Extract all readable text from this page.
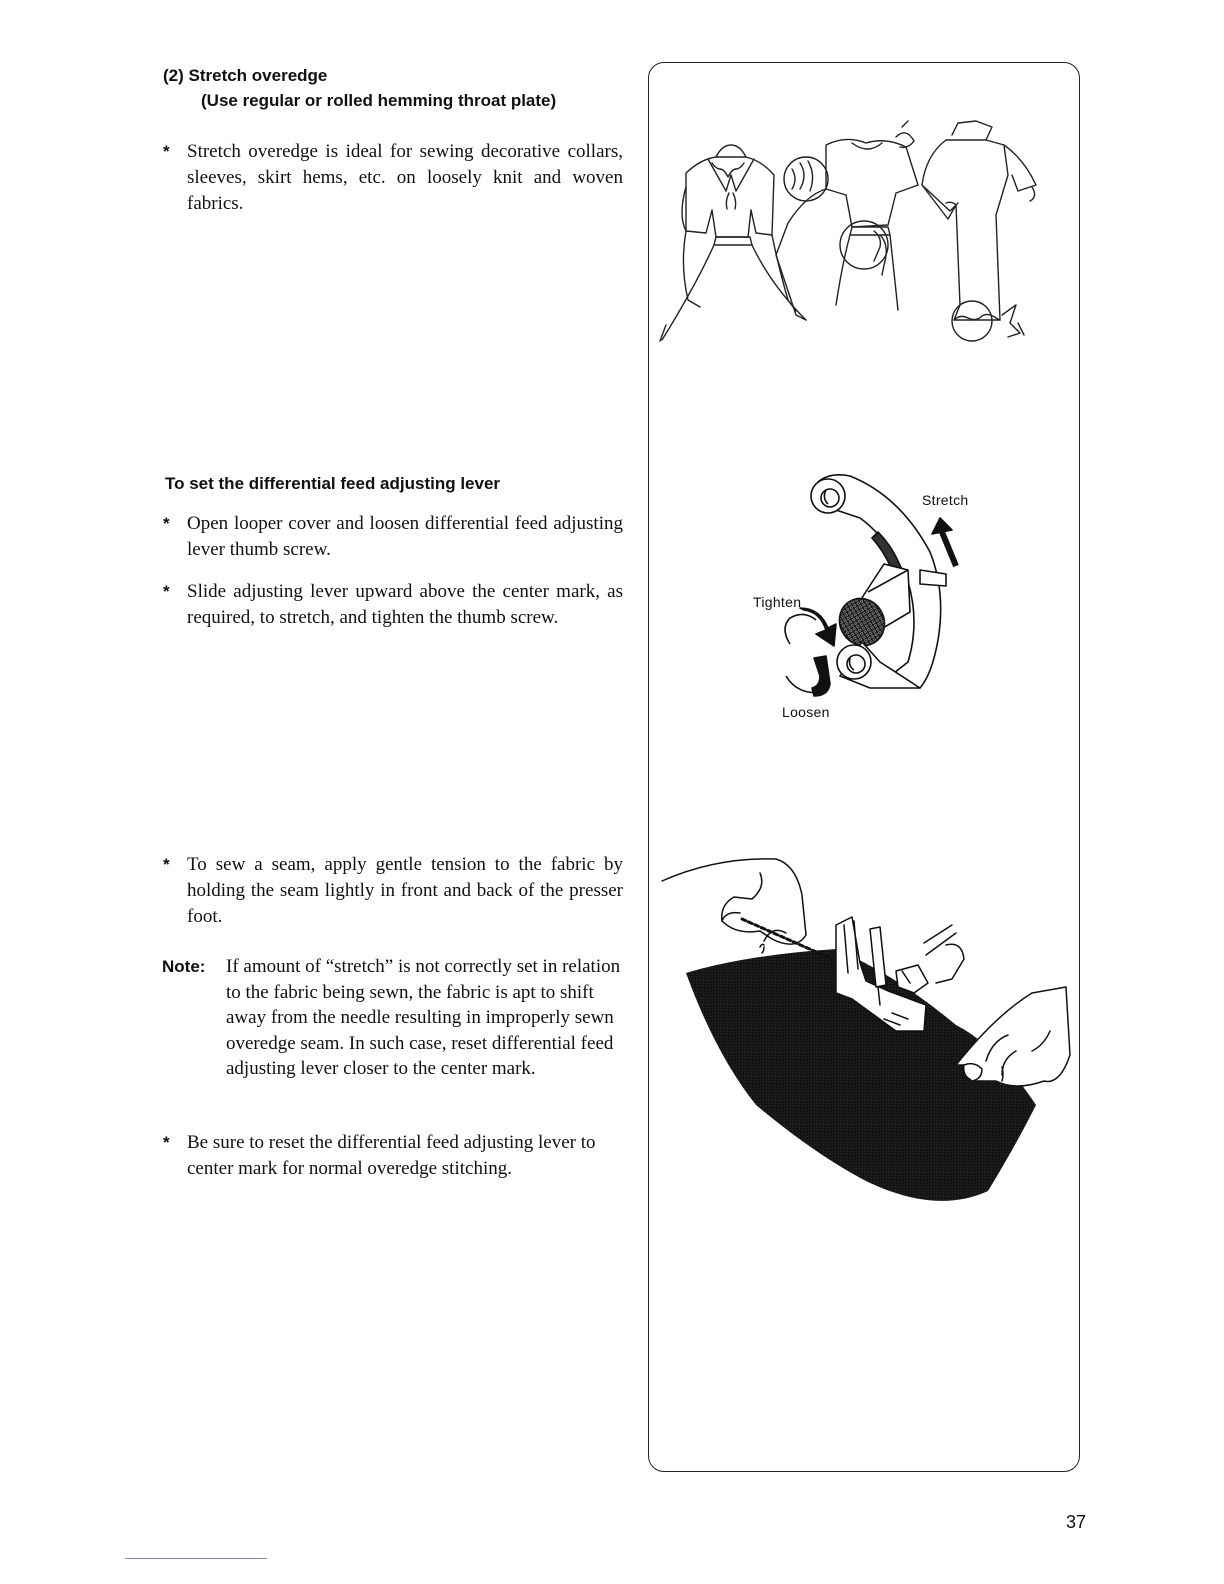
(2) Stretch overedge
(Use regular or rolled hemming throat plate)
* Stretch overedge is ideal for sewing decorative collars, sleeves, skirt hems, etc. on loosely knit and woven fabrics.
To set the differential feed adjusting lever
* Open looper cover and loosen differential feed adjusting lever thumb screw.
* Slide adjusting lever upward above the center mark, as required, to stretch, and tighten the thumb screw.
* To sew a seam, apply gentle tension to the fabric by holding the seam lightly in front and back of the presser foot.
Note: If amount of “stretch” is not correctly set in relation to the fabric being sewn, the fabric is apt to shift away from the needle resulting in improperly sewn overedge seam. In such case, reset differential feed adjusting lever closer to the center mark.
* Be sure to reset the differential feed adjusting lever to center mark for normal overedge stitching.
Stretch
Tighten
Loosen
37
